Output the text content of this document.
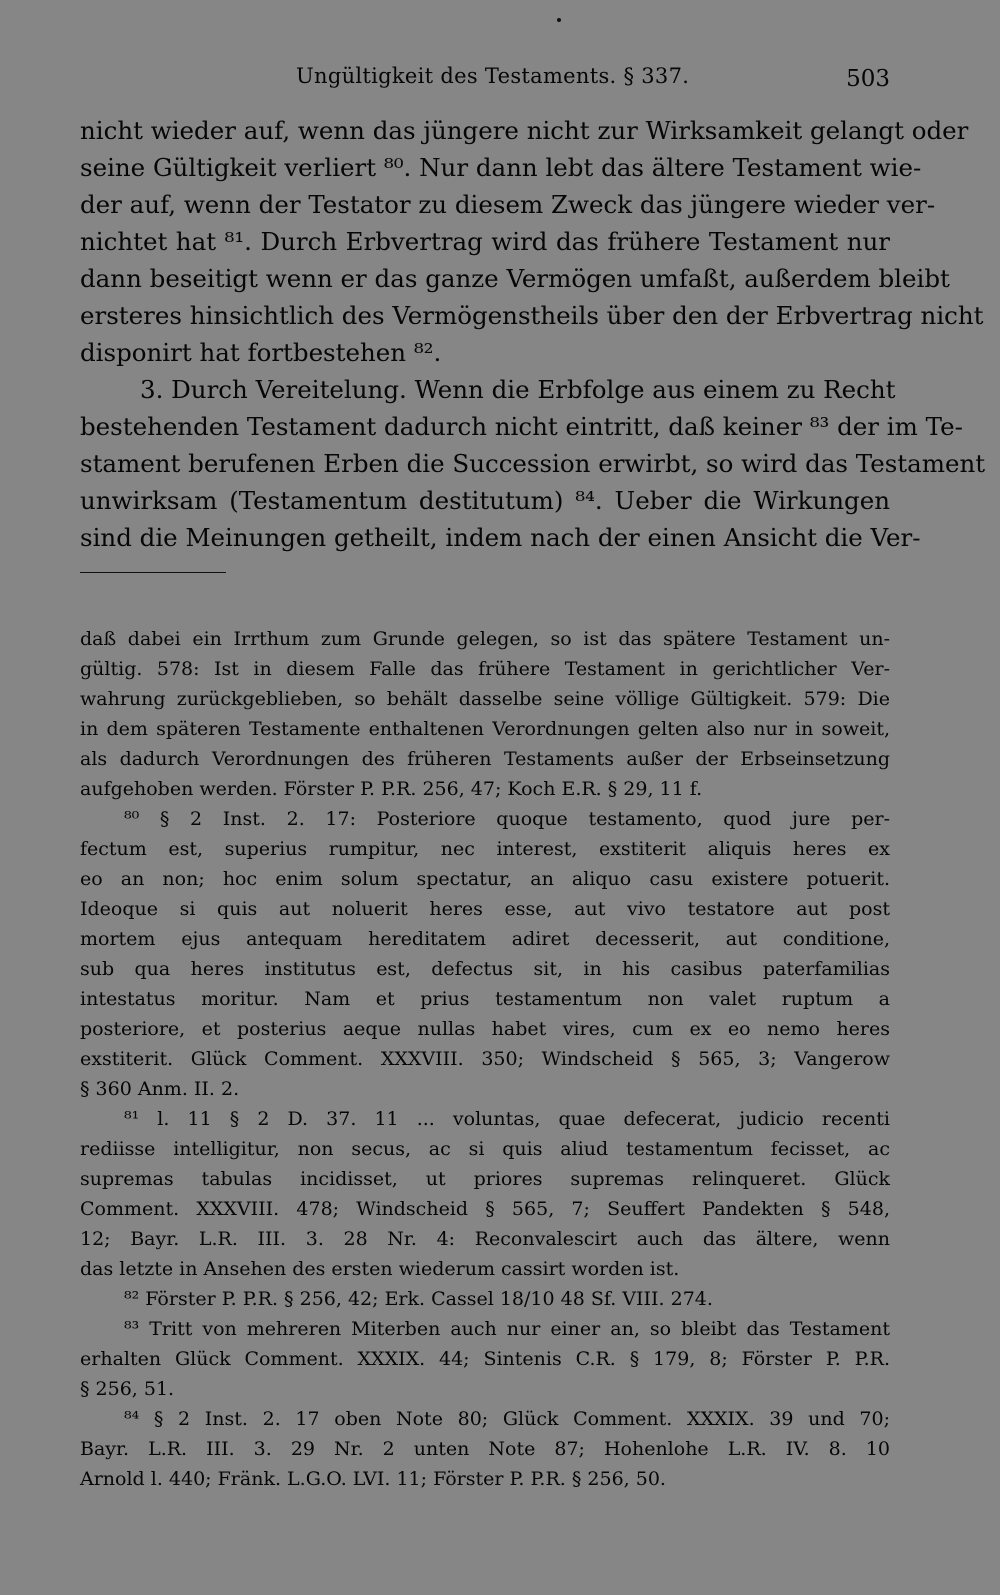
Ungültigkeit des Testaments. § 337.	503
nicht wieder auf, wenn das jüngere nicht zur Wirksamkeit gelangt oder
seine Gültigkeit verliert ⁸⁰. Nur dann lebt das ältere Testament wie-
der auf, wenn der Testator zu diesem Zweck das jüngere wieder ver-
nichtet hat ⁸¹. Durch Erbvertrag wird das frühere Testament nur
dann beseitigt wenn er das ganze Vermögen umfaßt, außerdem bleibt
ersteres hinsichtlich des Vermögenstheils über den der Erbvertrag nicht
disponirt hat fortbestehen ⁸².
3. Durch Vereitelung. Wenn die Erbfolge aus einem zu Recht
bestehenden Testament dadurch nicht eintritt, daß keiner ⁸³ der im Te-
stament berufenen Erben die Succession erwirbt, so wird das Testament
unwirksam (Testamentum destitutum) ⁸⁴. Ueber die Wirkungen
sind die Meinungen getheilt, indem nach der einen Ansicht die Ver-
daß dabei ein Irrthum zum Grunde gelegen, so ist das spätere Testament un-
gültig. 578: Ist in diesem Falle das frühere Testament in gerichtlicher Ver-
wahrung zurückgeblieben, so behält dasselbe seine völlige Gültigkeit. 579: Die
in dem späteren Testamente enthaltenen Verordnungen gelten also nur in soweit,
als dadurch Verordnungen des früheren Testaments außer der Erbseinsetzung
aufgehoben werden. Förster P. P.R. 256, 47; Koch E.R. § 29, 11 f.
⁸⁰ § 2 Inst. 2. 17: Posteriore quoque testamento, quod jure per-
fectum est, superius rumpitur, nec interest, exstiterit aliquis heres ex
eo an non; hoc enim solum spectatur, an aliquo casu existere potuerit.
Ideoque si quis aut noluerit heres esse, aut vivo testatore aut post
mortem ejus antequam hereditatem adiret decesserit, aut conditione,
sub qua heres institutus est, defectus sit, in his casibus paterfamilias
intestatus moritur. Nam et prius testamentum non valet ruptum a
posteriore, et posterius aeque nullas habet vires, cum ex eo nemo heres
exstiterit. Glück Comment. XXXVIII. 350; Windscheid § 565, 3; Vangerow
§ 360 Anm. II. 2.
⁸¹ l. 11 § 2 D. 37. 11 ... voluntas, quae defecerat, judicio recenti
rediisse intelligitur, non secus, ac si quis aliud testamentum fecisset, ac
supremas tabulas incidisset, ut priores supremas relinqueret. Glück
Comment. XXXVIII. 478; Windscheid § 565, 7; Seuffert Pandekten § 548,
12; Bayr. L.R. III. 3. 28 Nr. 4: Reconvalescirt auch das ältere, wenn
das letzte in Ansehen des ersten wiederum cassirt worden ist.
⁸² Förster P. P.R. § 256, 42; Erk. Cassel 18/10 48 Sf. VIII. 274.
⁸³ Tritt von mehreren Miterben auch nur einer an, so bleibt das Testament
erhalten Glück Comment. XXXIX. 44; Sintenis C.R. § 179, 8; Förster P. P.R.
§ 256, 51.
⁸⁴ § 2 Inst. 2. 17 oben Note 80; Glück Comment. XXXIX. 39 und 70;
Bayr. L.R. III. 3. 29 Nr. 2 unten Note 87; Hohenlohe L.R. IV. 8. 10
Arnold l. 440; Fränk. L.G.O. LVI. 11; Förster P. P.R. § 256, 50.
